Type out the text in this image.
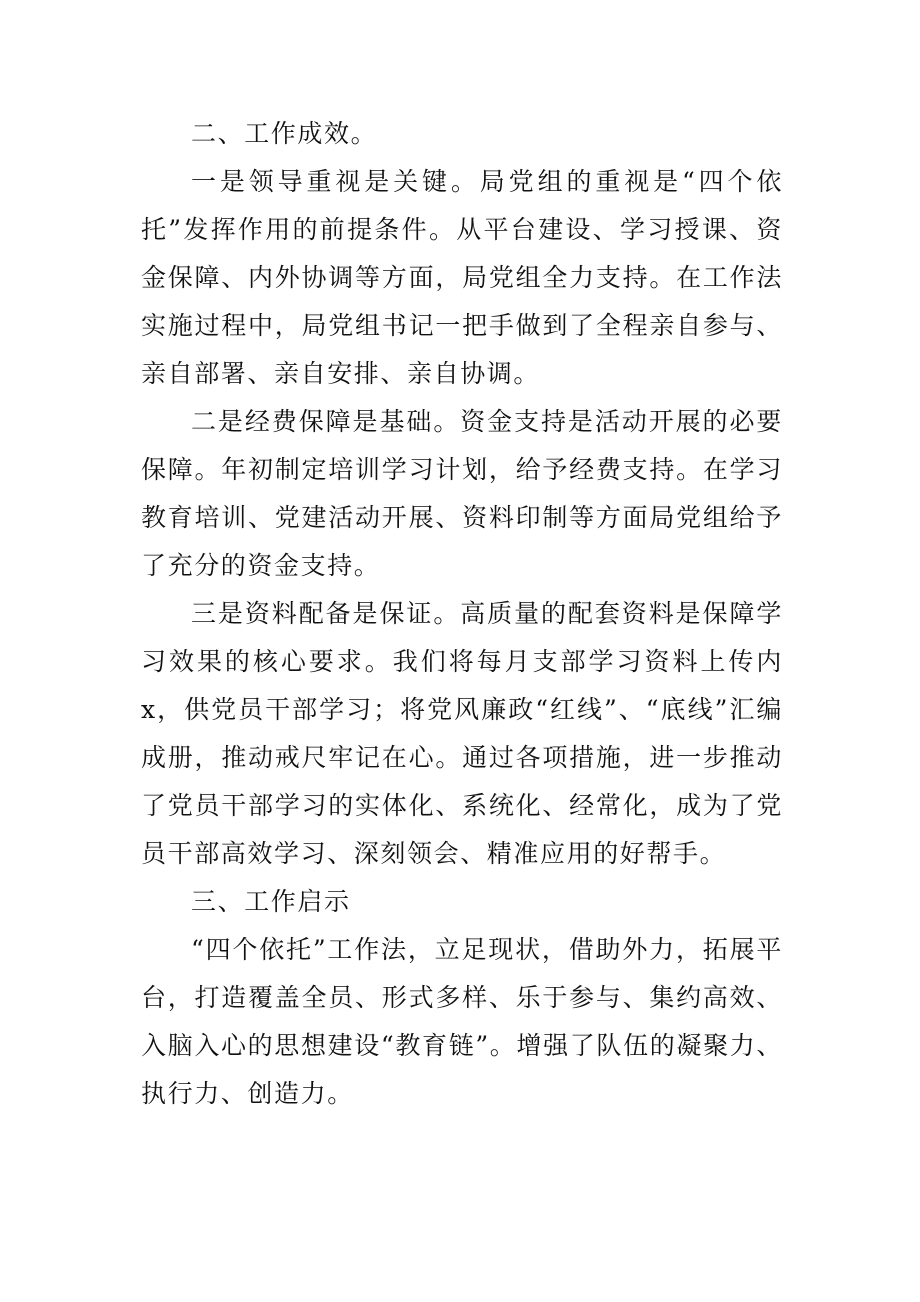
二、工作成效。

一是领导重视是关键。局党组的重视是“四个依托”发挥作用的前提条件。从平台建设、学习授课、资金保障、内外协调等方面，局党组全力支持。在工作法实施过程中，局党组书记一把手做到了全程亲自参与、亲自部署、亲自安排、亲自协调。

二是经费保障是基础。资金支持是活动开展的必要保障。年初制定培训学习计划，给予经费支持。在学习教育培训、党建活动开展、资料印制等方面局党组给予了充分的资金支持。

三是资料配备是保证。高质量的配套资料是保障学习效果的核心要求。我们将每月支部学习资料上传内 x，供党员干部学习；将党风廉政“红线”、“底线”汇编成册，推动戒尺牢记在心。通过各项措施，进一步推动了党员干部学习的实体化、系统化、经常化，成为了党员干部高效学习、深刻领会、精准应用的好帮手。

三、工作启示

“四个依托”工作法，立足现状，借助外力，拓展平台，打造覆盖全员、形式多样、乐于参与、集约高效、入脑入心的思想建设“教育链”。增强了队伍的凝聚力、执行力、创造力。
